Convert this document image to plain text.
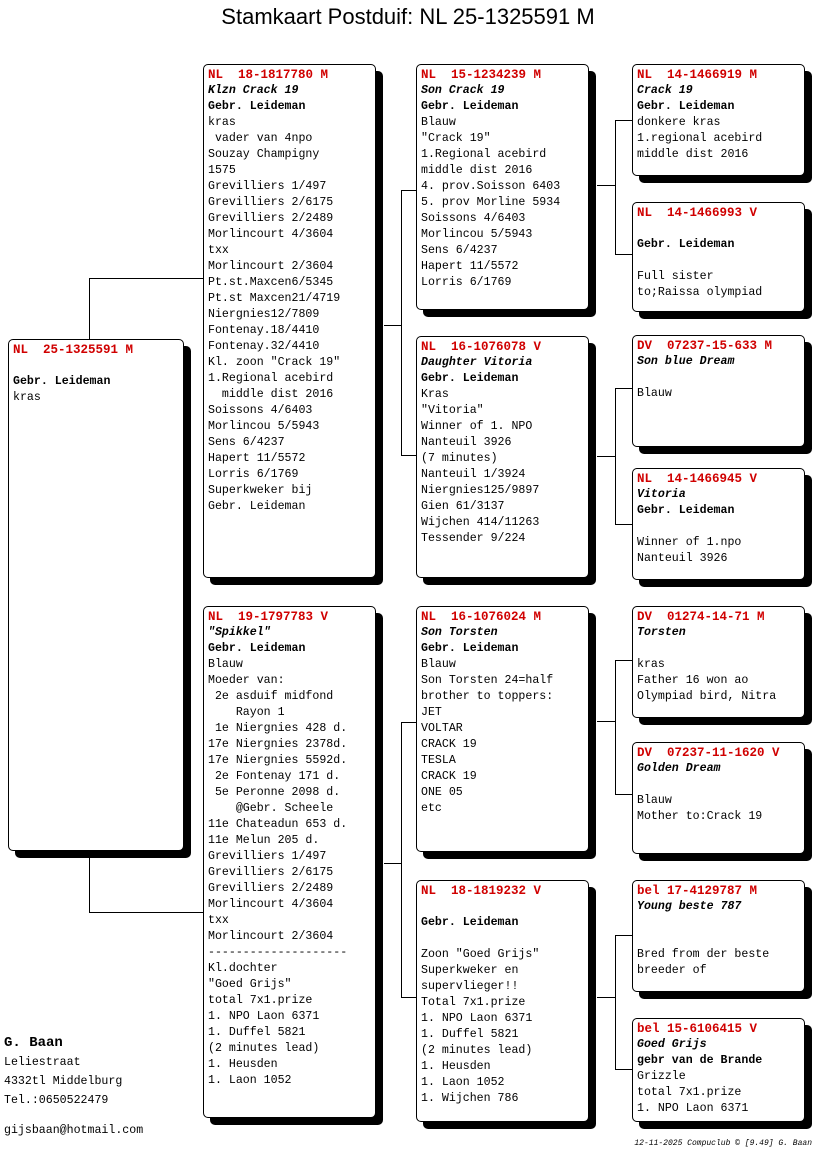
Stamkaart Postduif: NL 25-1325591 M
NL  25-1325591 M
Gebr. Leideman
kras
NL  18-1817780 M
Klzn Crack 19
Gebr. Leideman
kras
vader van 4npo
Souzay Champigny
1575
Grevilliers 1/497
Grevilliers 2/6175
Grevilliers 2/2489
Morlincourt 4/3604
txx
Morlincourt 2/3604
Pt.st.Maxcen6/5345
Pt.st Maxcen21/4719
Niergnies12/7809
Fontenay.18/4410
Fontenay.32/4410
Kl. zoon "Crack 19"
1.Regional acebird
middle dist 2016
Soissons 4/6403
Morlincou 5/5943
Sens 6/4237
Hapert 11/5572
Lorris 6/1769
Superkweker bij
Gebr. Leideman
NL  19-1797783 V
"Spikkel"
Gebr. Leideman
Blauw
Moeder van:
2e asduif midfond
Rayon 1
1e Niergnies 428 d.
17e Niergnies 2378d.
17e Niergnies 5592d.
2e Fontenay 171 d.
5e Peronne 2098 d.
@Gebr. Scheele
11e Chateadun 653 d.
11e Melun 205 d.
Grevilliers 1/497
Grevilliers 2/6175
Grevilliers 2/2489
Morlincourt 4/3604
txx
Morlincourt 2/3604
--------------------
Kl.dochter
"Goed Grijs"
total 7x1.prize
1. NPO Laon 6371
1. Duffel 5821
(2 minutes lead)
1. Heusden
1. Laon 1052
NL  15-1234239 M
Son Crack 19
Gebr. Leideman
Blauw
"Crack 19"
1.Regional acebird
middle dist 2016
4. prov.Soisson 6403
5. prov Morline 5934
Soissons 4/6403
Morlincou 5/5943
Sens 6/4237
Hapert 11/5572
Lorris 6/1769
NL  16-1076078 V
Daughter Vitoria
Gebr. Leideman
Kras
"Vitoria"
Winner of 1. NPO
Nanteuil 3926
(7 minutes)
Nanteuil 1/3924
Niergnies125/9897
Gien 61/3137
Wijchen 414/11263
Tessender 9/224
NL  16-1076024 M
Son Torsten
Gebr. Leideman
Blauw
Son Torsten 24=half
brother to toppers:
JET
VOLTAR
CRACK 19
TESLA
CRACK 19
ONE 05
etc
NL  18-1819232 V
Gebr. Leideman
Zoon "Goed Grijs"
Superkweker en
supervlieger!!
Total 7x1.prize
1. NPO Laon 6371
1. Duffel 5821
(2 minutes lead)
1. Heusden
1. Laon 1052
1. Wijchen 786
NL  14-1466919 M
Crack 19
Gebr. Leideman
donkere kras
1.regional acebird
middle dist 2016
NL  14-1466993 V
Gebr. Leideman
Full sister
to;Raissa olympiad
DV  07237-15-633 M
Son blue Dream
Blauw
NL  14-1466945 V
Vitoria
Gebr. Leideman
Winner of 1.npo
Nanteuil 3926
DV  01274-14-71 M
Torsten
kras
Father 16 won ao
Olympiad bird, Nitra
DV  07237-11-1620 V
Golden Dream
Blauw
Mother to:Crack 19
bel 17-4129787 M
Young beste 787
Bred from der beste
breeder of
bel 15-6106415 V
Goed Grijs
gebr van de Brande
Grizzle
total 7x1.prize
1. NPO Laon 6371
G. Baan
Leliestraat
4332tl Middelburg
Tel.:0650522479
gijsbaan@hotmail.com
12-11-2025 Compuclub © [9.49] G. Baan
